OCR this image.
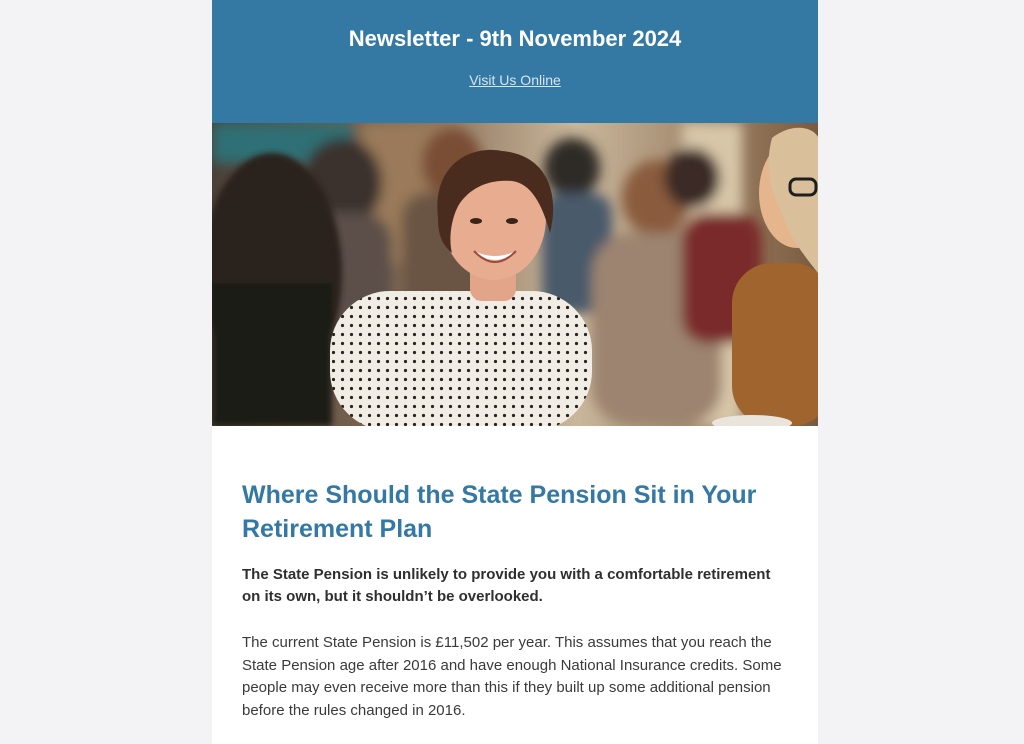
Newsletter - 9th November 2024
Visit Us Online
Where Should the State Pension Sit in Your Retirement Plan

The State Pension is unlikely to provide you with a comfortable retirement on its own, but it shouldn’t be overlooked.

The current State Pension is £11,502 per year. This assumes that you reach the State Pension age after 2016 and have enough National Insurance credits. Some people may even receive more than this if they built up some additional pension before the rules changed in 2016.
